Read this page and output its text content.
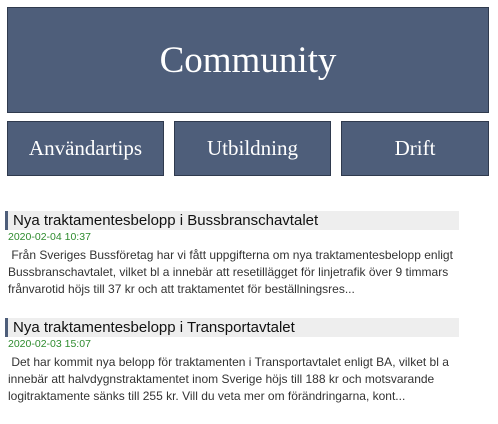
Community
Användartips	Utbildning	Drift
Nya traktamentesbelopp i Bussbranschavtalet
2020-02-04 10:37
Från Sveriges Bussföretag har vi fått uppgifterna om nya traktamentesbelopp enligt Bussbranschavtalet, vilket bl a innebär att resetillägget för linjetrafik över 9 timmars frånvarotid höjs till 37 kr och att traktamentet för beställningsres...
Nya traktamentesbelopp i Transportavtalet
2020-02-03 15:07
Det har kommit nya belopp för traktamenten i Transportavtalet enligt BA, vilket bl a innebär att halvdygnstraktamentet inom Sverige höjs till 188 kr och motsvarande logitraktamente sänks till 255 kr. Vill du veta mer om förändringarna, kont...
